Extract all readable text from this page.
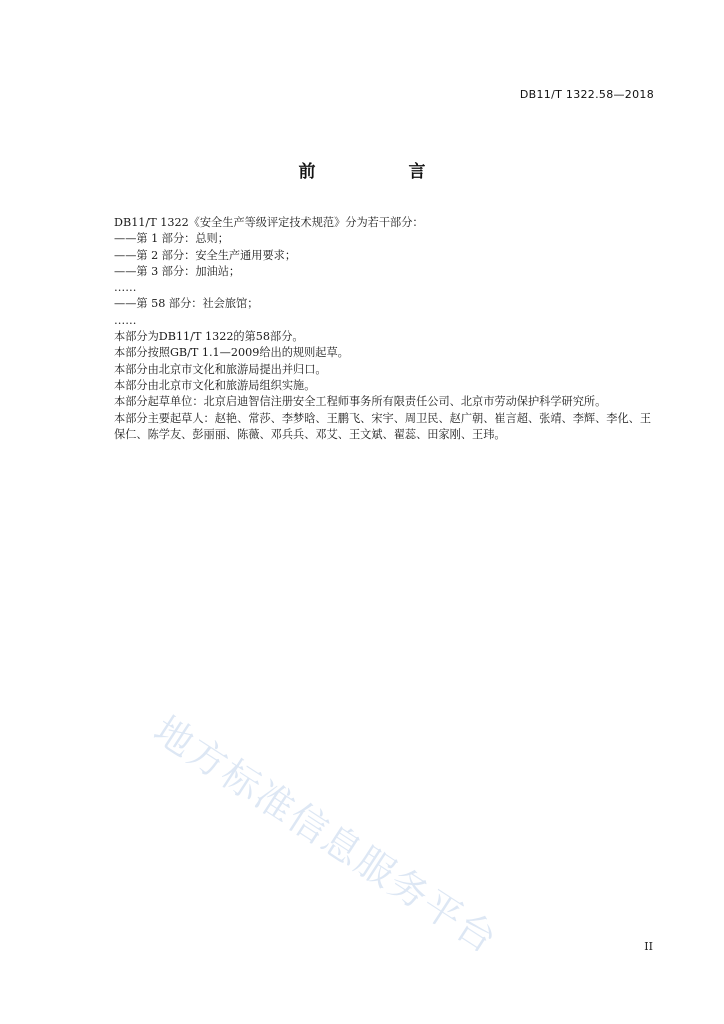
DB11/T 1322.58—2018
前　言
DB11/T 1322《安全生产等级评定技术规范》分为若干部分：
——第 1 部分：总则；
——第 2 部分：安全生产通用要求；
——第 3 部分：加油站；
……
——第 58 部分：社会旅馆；
……
本部分为DB11/T 1322的第58部分。
本部分按照GB/T 1.1—2009给出的规则起草。
本部分由北京市文化和旅游局提出并归口。
本部分由北京市文化和旅游局组织实施。
本部分起草单位：北京启迪智信注册安全工程师事务所有限责任公司、北京市劳动保护科学研究所。
本部分主要起草人：赵艳、常莎、李梦晗、王鹏飞、宋宇、周卫民、赵广朝、崔言超、张靖、李辉、李化、王保仁、陈学友、彭丽丽、陈薇、邓兵兵、邓艾、王文斌、翟蕊、田家刚、王玮。
地方标准信息服务平台	II
